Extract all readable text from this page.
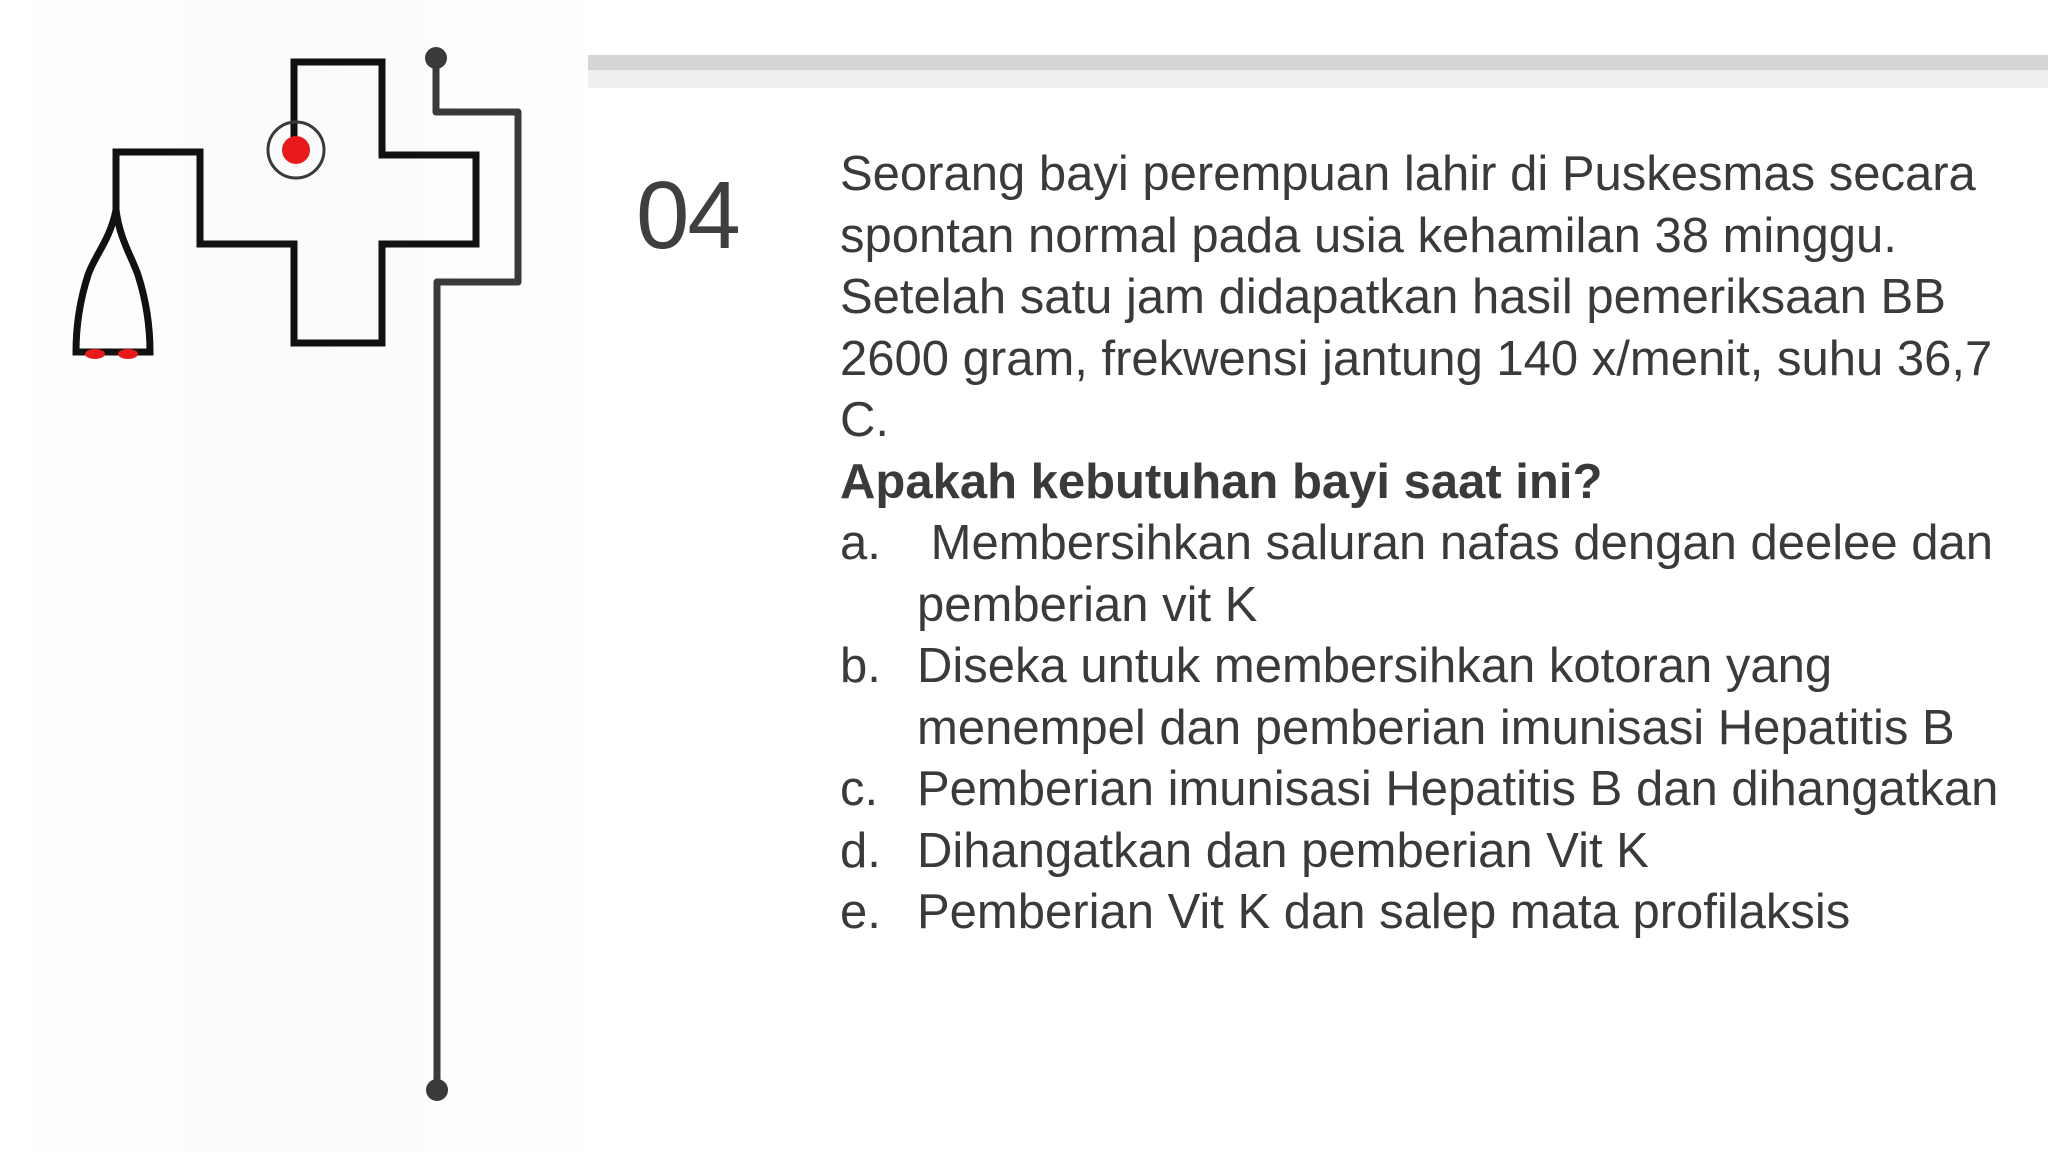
04 Seorang bayi perempuan lahir di Puskesmas secara spontan normal pada usia kehamilan 38 minggu. Setelah satu jam didapatkan hasil pemeriksaan BB 2600 gram, frekwensi jantung 140 x/menit, suhu 36,7 C.

Apakah kebutuhan bayi saat ini?

a. Membersihkan saluran nafas dengan deelee dan pemberian vit K
b. Diseka untuk membersihkan kotoran yang menempel dan pemberian imunisasi Hepatitis B
c. Pemberian imunisasi Hepatitis B dan dihangatkan
d. Dihangatkan dan pemberian Vit K
e. Pemberian Vit K dan salep mata profilaksis
